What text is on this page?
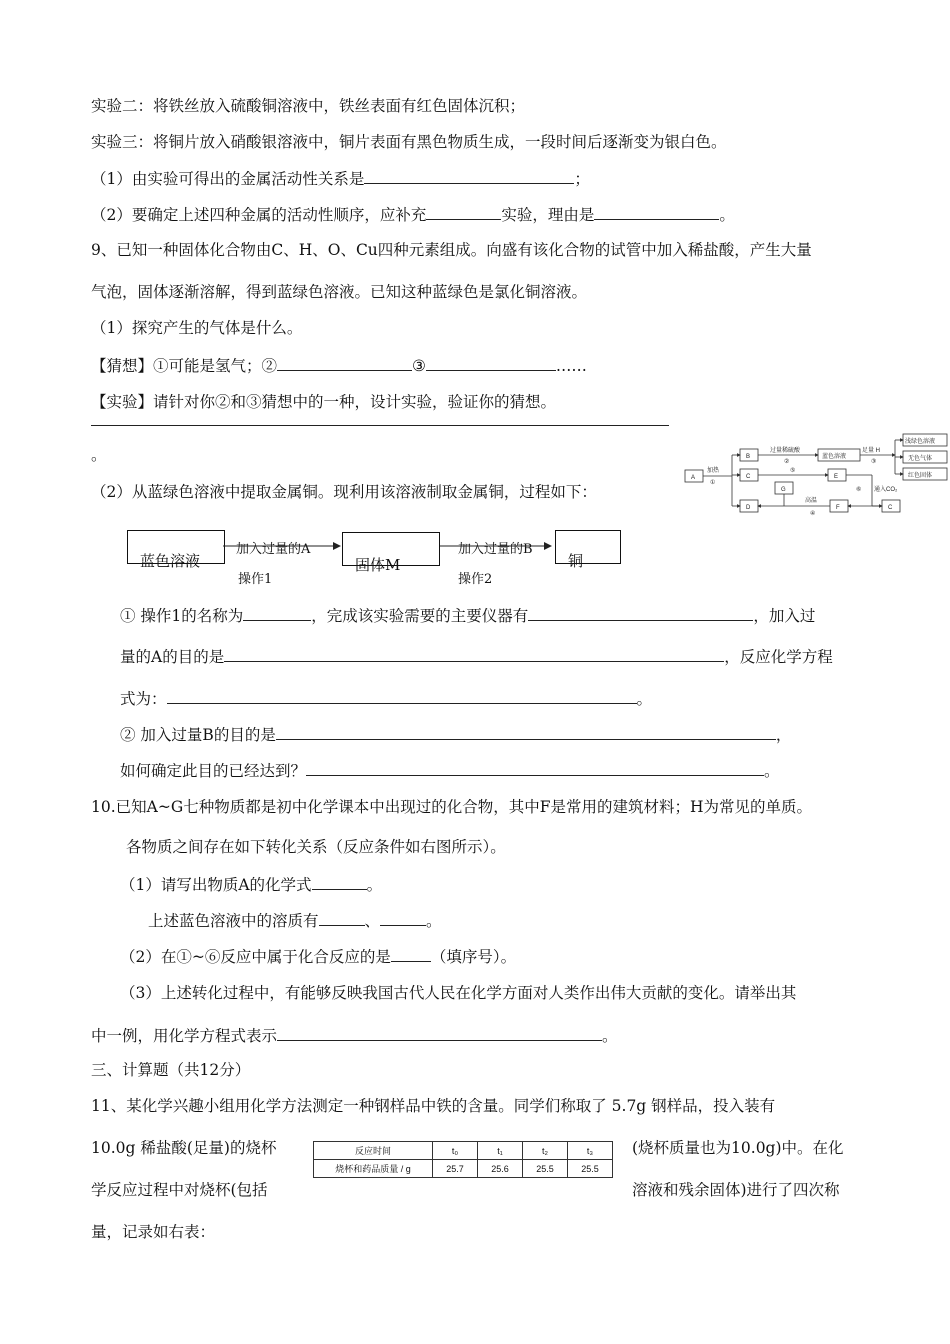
实验二：将铁丝放入硫酸铜溶液中，铁丝表面有红色固体沉积；
实验三：将铜片放入硝酸银溶液中，铜片表面有黑色物质生成，一段时间后逐渐变为银白色。
（1）由实验可得出的金属活动性关系是	；
（2）要确定上述四种金属的活动性顺序，应补充	实验，理由是	。
9、已知一种固体化合物由C、H、O、Cu四种元素组成。向盛有该化合物的试管中加入稀盐酸，产生大量
气泡，固体逐渐溶解，得到蓝绿色溶液。已知这种蓝绿色是氯化铜溶液。
（1）探究产生的气体是什么。
【猜想】①可能是氢气；②	③	……
【实验】请针对你②和③猜想中的一种，设计实验，验证你的猜想。
。
（2）从蓝绿色溶液中提取金属铜。现利用该溶液制取金属铜，过程如下：
A
B
C
D
蓝色溶液
E
G
F	C
浅绿色溶液
无色气体
红色固体
加热
①
过量稀硫酸
②
足量 H
③
⑤
⑥ 通入CO₂
高温
④
蓝色溶液
加入过量的A
操作1
固体M
加入过量的B
操作2
铜
① 操作1的名称为	，完成该实验需要的主要仪器有	，加入过
量的A的目的是	，反应化学方程
式为：	。
② 加入过量B的目的是	，
如何确定此目的已经达到？	。
10.已知A~G七种物质都是初中化学课本中出现过的化合物，其中F是常用的建筑材料；H为常见的单质。
各物质之间存在如下转化关系（反应条件如右图所示）。
（1）请写出物质A的化学式	。
上述蓝色溶液中的溶质有	、	。
（2）在①~⑥反应中属于化合反应的是	（填序号）。
（3）上述转化过程中，有能够反映我国古代人民在化学方面对人类作出伟大贡献的变化。请举出其
中一例，用化学方程式表示	。
三、计算题（共12分）
11、某化学兴趣小组用化学方法测定一种钢样品中铁的含量。同学们称取了 5.7g 钢样品，投入装有
10.0g 稀盐酸(足量)的烧杯	(烧杯质量也为10.0g)中。在化
学反应过程中对烧杯(包括	溶液和残余固体)进行了四次称
量，记录如右表：
反应时间	t₀	t₁	t₂	t₃
烧杯和药品质量 / g	25.7	25.6	25.5	25.5
